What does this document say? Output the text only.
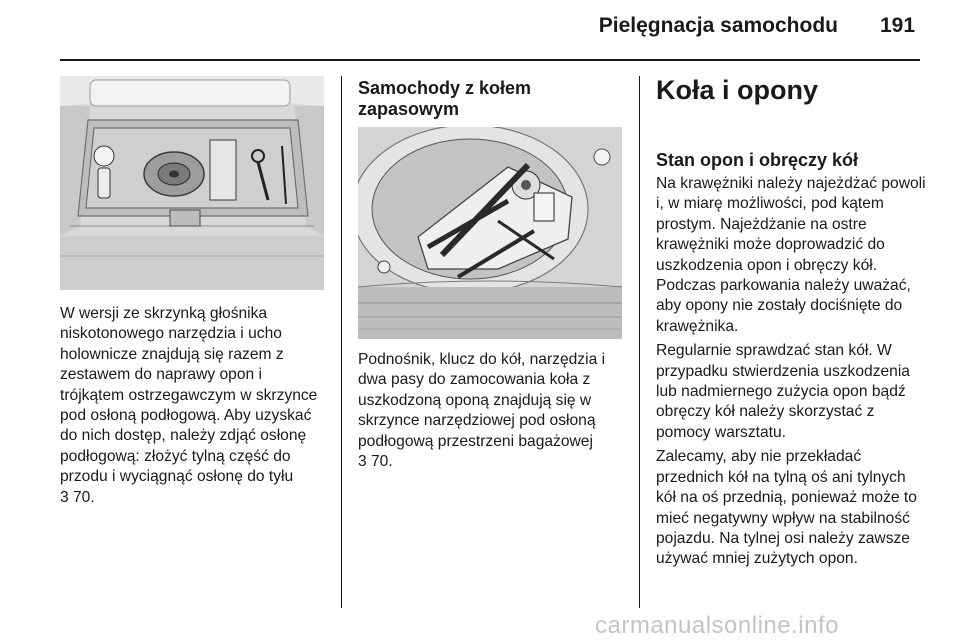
Pielęgnacja samochodu 191

W wersji ze skrzynką głośnika niskotonowego narzędzia i ucho holownicze znajdują się razem z zestawem do naprawy opon i trójkątem ostrzegawczym w skrzynce pod osłoną podłogową. Aby uzyskać do nich dostęp, należy zdjąć osłonę podłogową: złożyć tylną część do przodu i wyciągnąć osłonę do tyłu

3 70.

Samochody z kołem zapasowym

Podnośnik, klucz do kół, narzędzia i dwa pasy do zamocowania koła z uszkodzoną oponą znajdują się w skrzynce narzędziowej pod osłoną podłogową przestrzeni bagażowej

3 70.

Koła i opony

Stan opon i obręczy kół

Na krawężniki należy najeżdżać powoli i, w miarę możliwości, pod kątem prostym. Najeżdżanie na ostre krawężniki może doprowadzić do uszkodzenia opon i obręczy kół. Podczas parkowania należy uważać, aby opony nie zostały dociśnięte do krawężnika.

Regularnie sprawdzać stan kół. W przypadku stwierdzenia uszkodzenia lub nadmiernego zużycia opon bądź obręczy kół należy skorzystać z pomocy warsztatu.

Zalecamy, aby nie przekładać przednich kół na tylną oś ani tylnych kół na oś przednią, ponieważ może to mieć negatywny wpływ na stabilność pojazdu. Na tylnej osi należy zawsze używać mniej zużytych opon.

carmanualsonline.info
